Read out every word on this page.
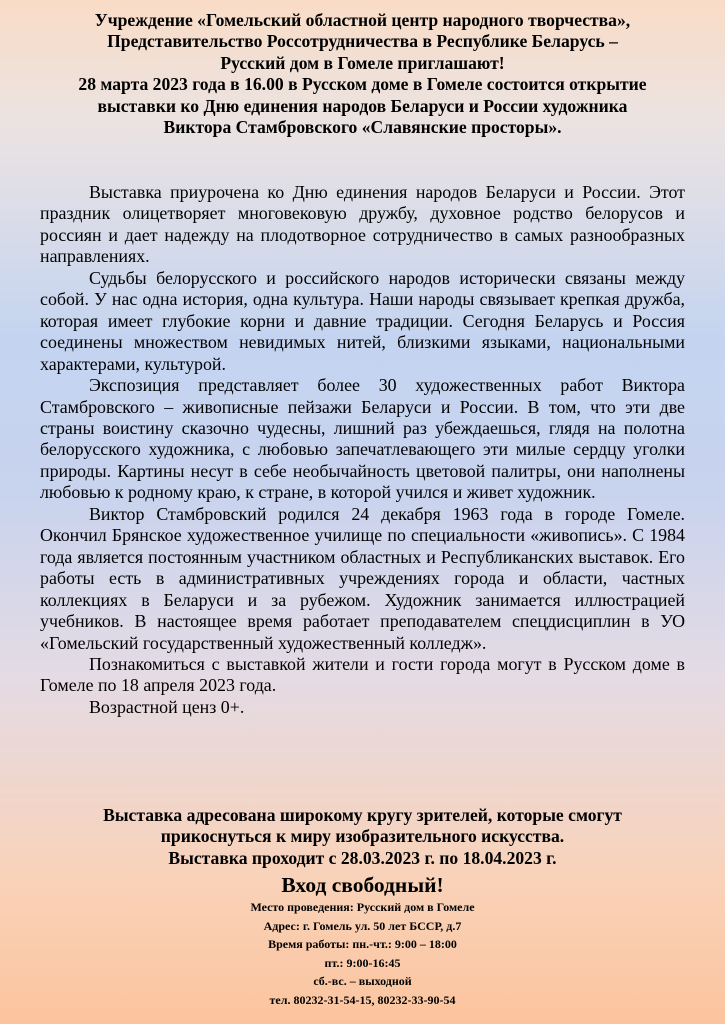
Учреждение «Гомельский областной центр народного творчества»,
Представительство Россотрудничества в Республике Беларусь –
Русский дом в Гомеле приглашают!
28 марта 2023 года в 16.00 в Русском доме в Гомеле состоится открытие
выставки ко Дню единения народов Беларуси и России художника
Виктора Стамбровского «Славянские просторы».

Выставка приурочена ко Дню единения народов Беларуси и России. Этот праздник олицетворяет многовековую дружбу, духовное родство белорусов и россиян и дает надежду на плодотворное сотрудничество в самых разнообразных направлениях.

Судьбы белорусского и российского народов исторически связаны между собой. У нас одна история, одна культура. Наши народы связывает крепкая дружба, которая имеет глубокие корни и давние традиции. Сегодня Беларусь и Россия соединены множеством невидимых нитей, близкими языками, национальными характерами, культурой.

Экспозиция представляет более 30 художественных работ Виктора Стамбровского – живописные пейзажи Беларуси и России. В том, что эти две страны воистину сказочно чудесны, лишний раз убеждаешься, глядя на полотна белорусского художника, с любовью запечатлевающего эти милые сердцу уголки природы. Картины несут в себе необычайность цветовой палитры, они наполнены любовью к родному краю, к стране, в которой учился и живет художник.

Виктор Стамбровский родился 24 декабря 1963 года в городе Гомеле. Окончил Брянское художественное училище по специальности «живопись». С 1984 года является постоянным участником областных и Республиканских выставок. Его работы есть в административных учреждениях города и области, частных коллекциях в Беларуси и за рубежом. Художник занимается иллюстрацией учебников. В настоящее время работает преподавателем спецдисциплин в УО «Гомельский государственный художественный колледж».

Познакомиться с выставкой жители и гости города могут в Русском доме в Гомеле по 18 апреля 2023 года.

Возрастной ценз 0+.

Выставка адресована широкому кругу зрителей, которые смогут
прикоснуться к миру изобразительного искусства.
Выставка проходит с 28.03.2023 г. по 18.04.2023 г.
Вход свободный!
Место проведения: Русский дом в Гомеле
Адрес: г. Гомель ул. 50 лет БССР, д.7
Время работы: пн.-чт.: 9:00 – 18:00
пт.: 9:00-16:45
сб.-вс. – выходной
тел. 80232-31-54-15, 80232-33-90-54
